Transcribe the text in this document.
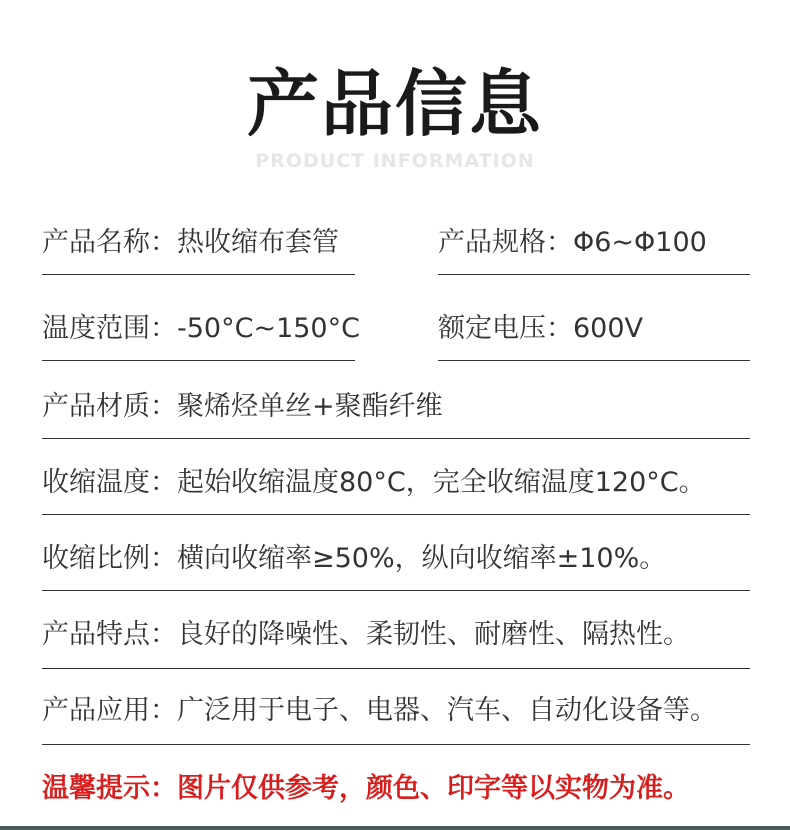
产品信息
PRODUCT INFORMATION
产品名称：热收缩布套管	产品规格：Φ6~Φ100
温度范围：-50°C~150°C	额定电压：600V
产品材质：聚烯烃单丝+聚酯纤维
收缩温度：起始收缩温度80°C，完全收缩温度120°C。
收缩比例：横向收缩率≥50%，纵向收缩率±10%。
产品特点：良好的降噪性、柔韧性、耐磨性、隔热性。
产品应用：广泛用于电子、电器、汽车、自动化设备等。
温馨提示：图片仅供参考，颜色、印字等以实物为准。
